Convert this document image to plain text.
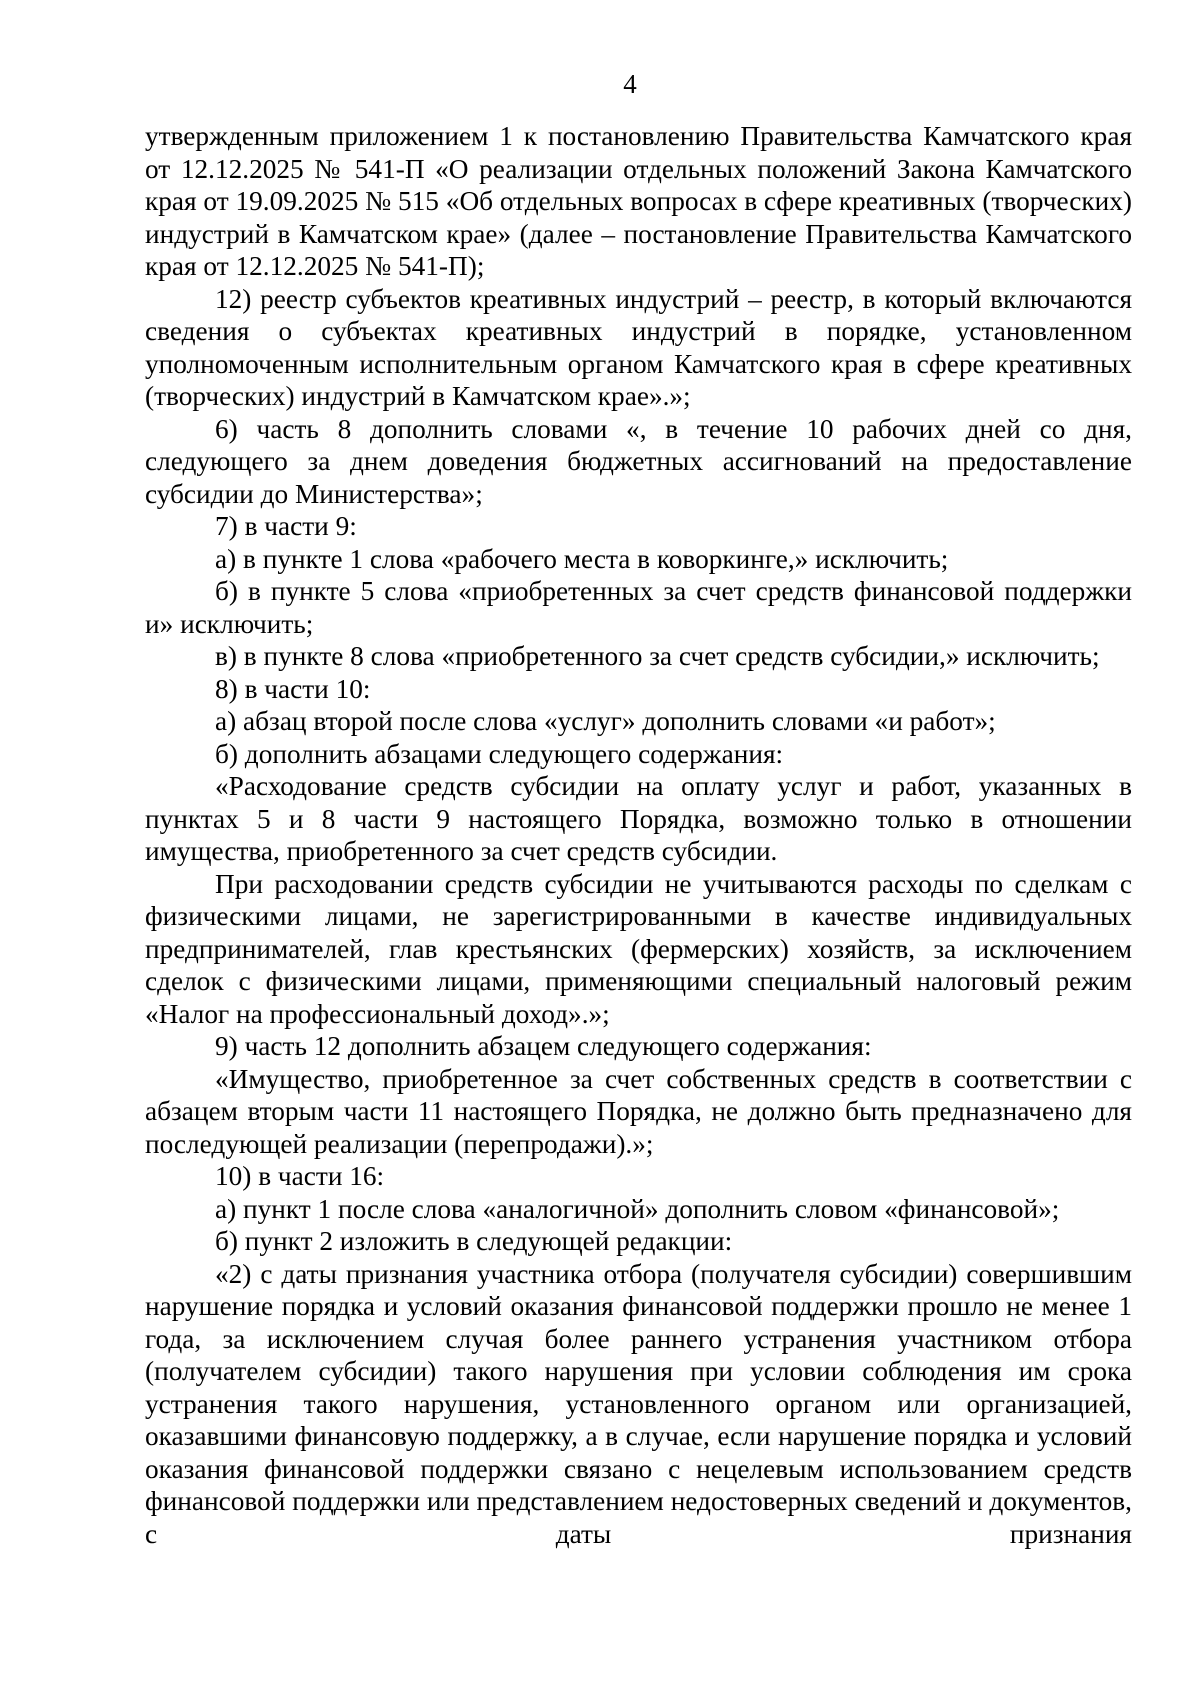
4

утвержденным приложением 1 к постановлению Правительства Камчатского края от 12.12.2025 № 541-П «О реализации отдельных положений Закона Камчатского края от 19.09.2025 № 515 «Об отдельных вопросах в сфере креативных (творческих) индустрий в Камчатском крае» (далее – постановление Правительства Камчатского края от 12.12.2025 № 541-П);

12) реестр субъектов креативных индустрий – реестр, в который включаются сведения о субъектах креативных индустрий в порядке, установленном уполномоченным исполнительным органом Камчатского края в сфере креативных (творческих) индустрий в Камчатском крае».»;

6) часть 8 дополнить словами «, в течение 10 рабочих дней со дня, следующего за днем доведения бюджетных ассигнований на предоставление субсидии до Министерства»;

7) в части 9:

а) в пункте 1 слова «рабочего места в коворкинге,» исключить;

б) в пункте 5 слова «приобретенных за счет средств финансовой поддержки и» исключить;

в) в пункте 8 слова «приобретенного за счет средств субсидии,» исключить;

8) в части 10:

а) абзац второй после слова «услуг» дополнить словами «и работ»;

б) дополнить абзацами следующего содержания:

«Расходование средств субсидии на оплату услуг и работ, указанных в пунктах 5 и 8 части 9 настоящего Порядка, возможно только в отношении имущества, приобретенного за счет средств субсидии.

При расходовании средств субсидии не учитываются расходы по сделкам с физическими лицами, не зарегистрированными в качестве индивидуальных предпринимателей, глав крестьянских (фермерских) хозяйств, за исключением сделок с физическими лицами, применяющими специальный налоговый режим «Налог на профессиональный доход».»;

9) часть 12 дополнить абзацем следующего содержания:

«Имущество, приобретенное за счет собственных средств в соответствии с абзацем вторым части 11 настоящего Порядка, не должно быть предназначено для последующей реализации (перепродажи).»;

10) в части 16:

а) пункт 1 после слова «аналогичной» дополнить словом «финансовой»;

б) пункт 2 изложить в следующей редакции:

«2) с даты признания участника отбора (получателя субсидии) совершившим нарушение порядка и условий оказания финансовой поддержки прошло не менее 1 года, за исключением случая более раннего устранения участником отбора (получателем субсидии) такого нарушения при условии соблюдения им срока устранения такого нарушения, установленного органом или организацией, оказавшими финансовую поддержку, а в случае, если нарушение порядка и условий оказания финансовой поддержки связано с нецелевым использованием средств финансовой поддержки или представлением недостоверных сведений и документов, с даты признания
